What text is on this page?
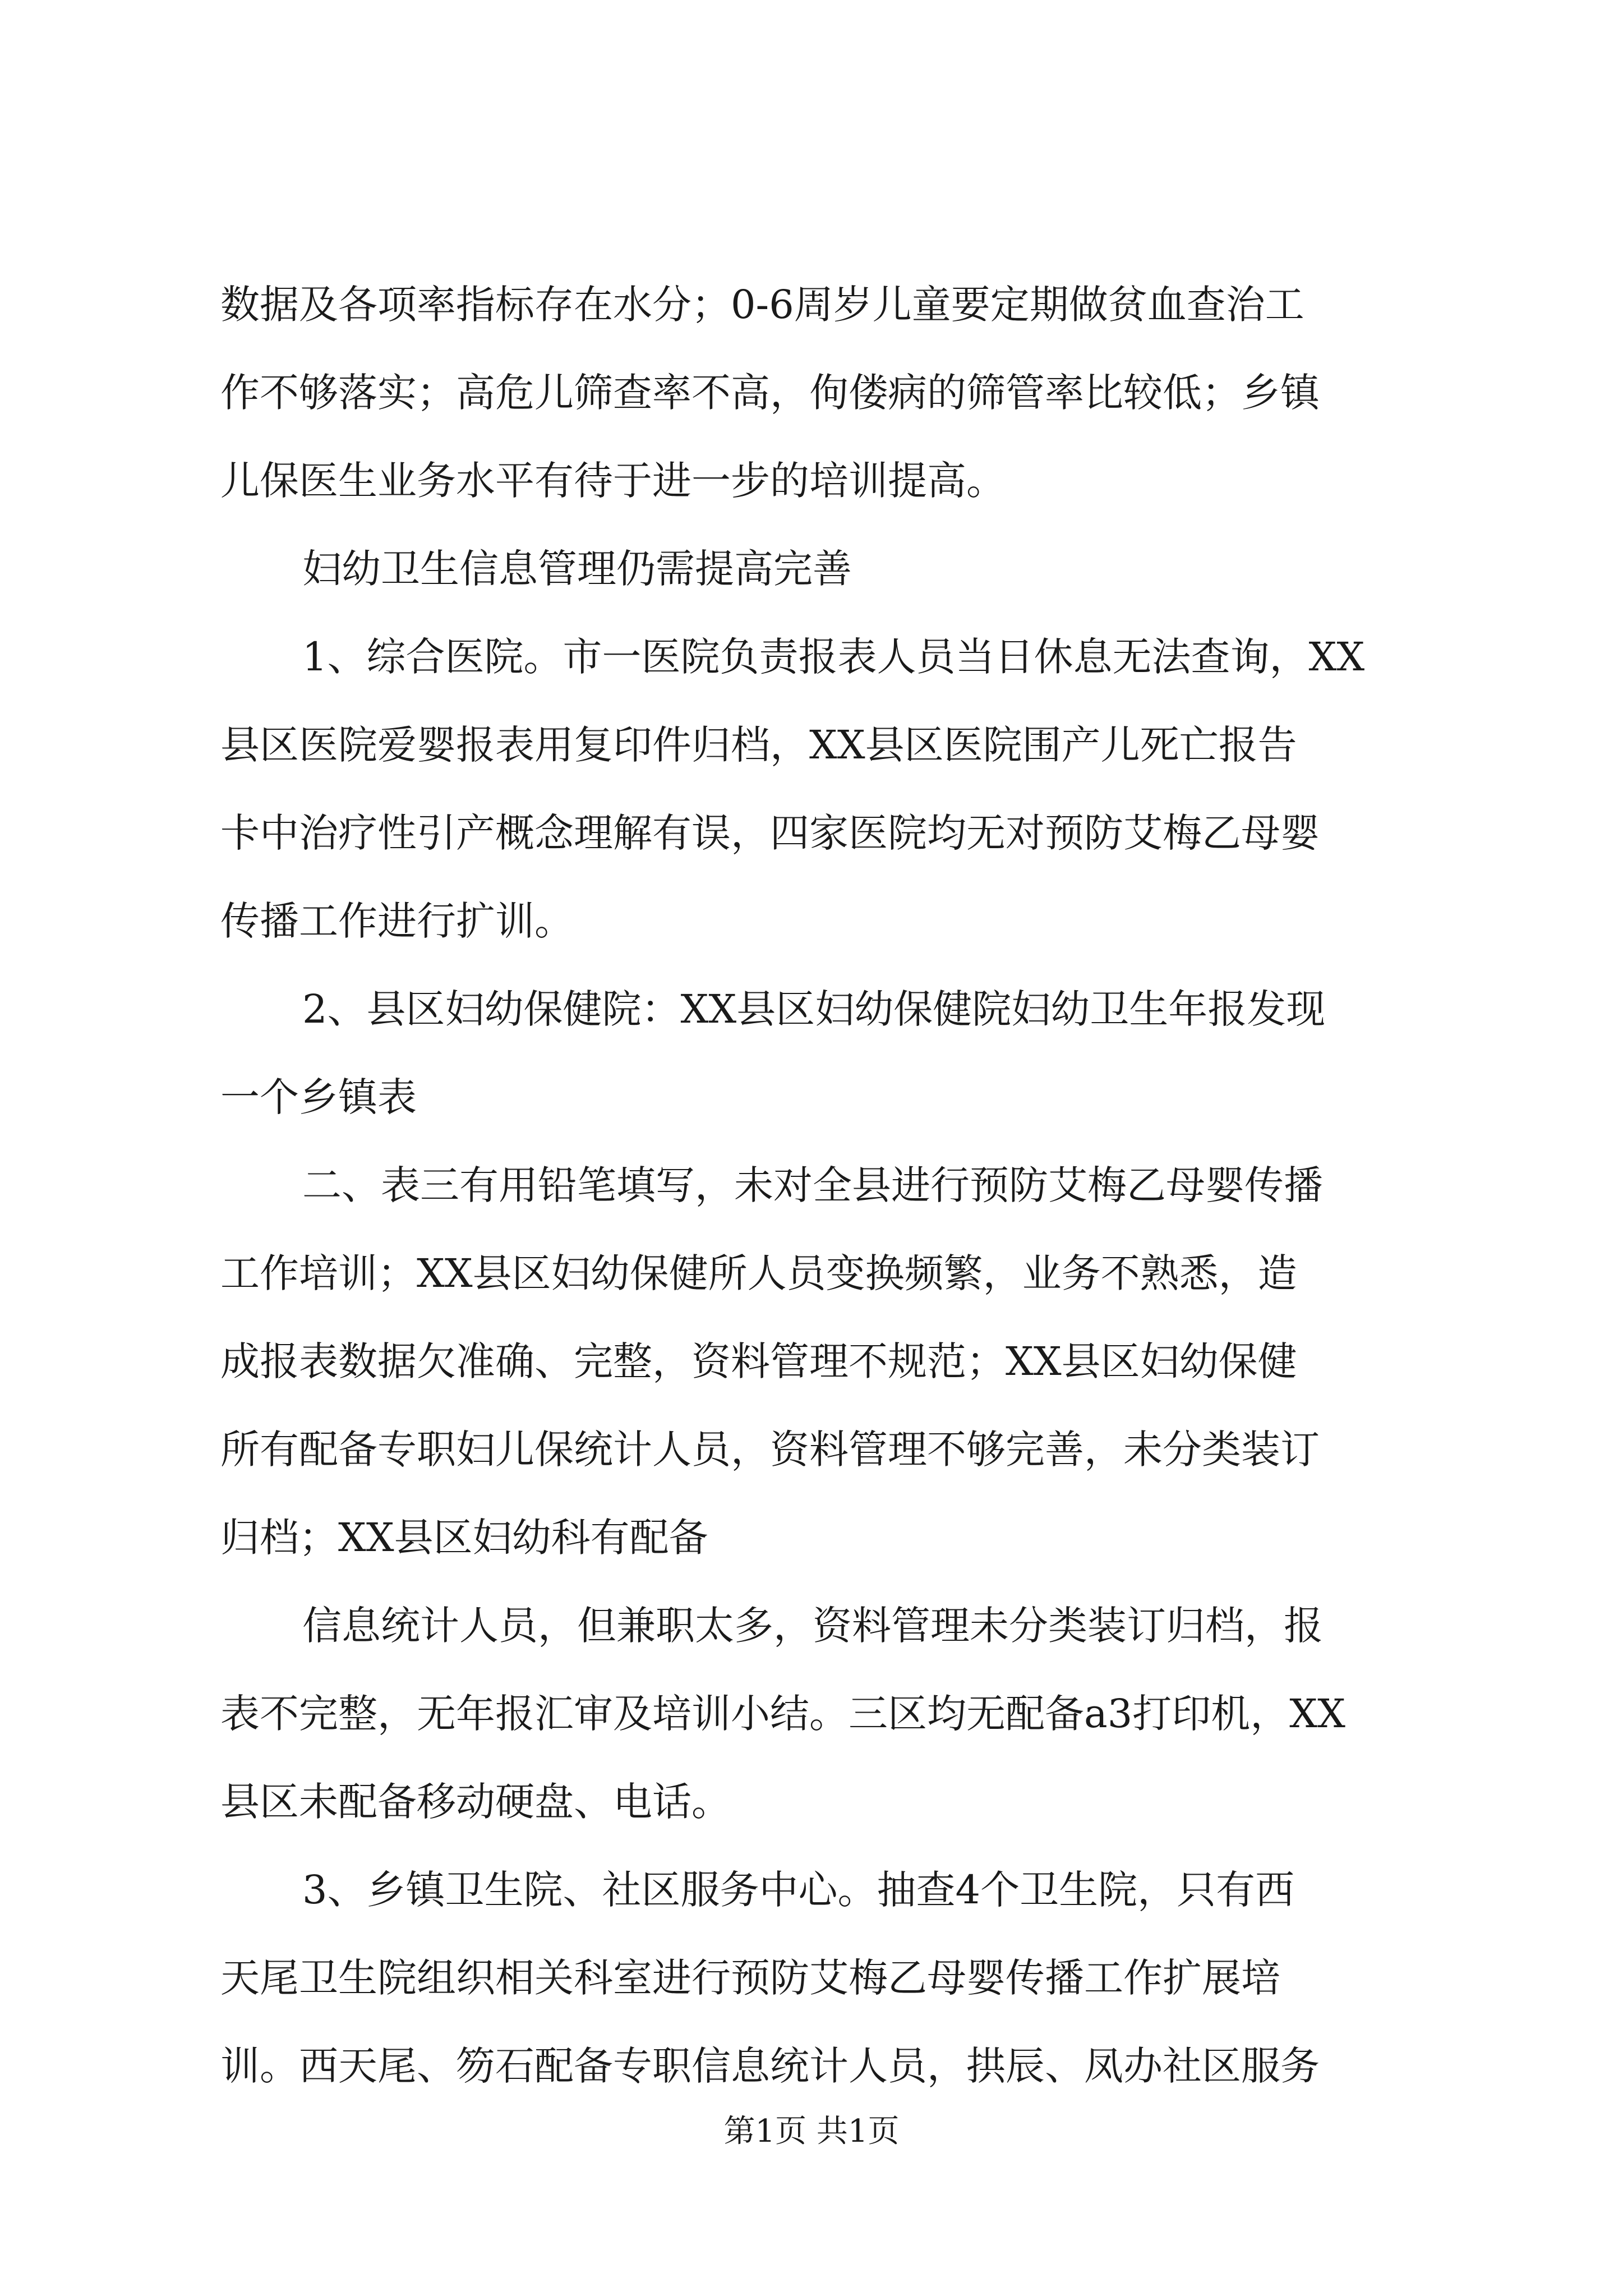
数据及各项率指标存在水分；0-6周岁儿童要定期做贫血查治工
作不够落实；高危儿筛查率不高，佝偻病的筛管率比较低；乡镇
儿保医生业务水平有待于进一步的培训提高。
妇幼卫生信息管理仍需提高完善
1、综合医院。市一医院负责报表人员当日休息无法查询，XX
县区医院爱婴报表用复印件归档，XX县区医院围产儿死亡报告
卡中治疗性引产概念理解有误，四家医院均无对预防艾梅乙母婴
传播工作进行扩训。
2、县区妇幼保健院：XX县区妇幼保健院妇幼卫生年报发现
一个乡镇表
二、表三有用铅笔填写，未对全县进行预防艾梅乙母婴传播
工作培训；XX县区妇幼保健所人员变换频繁，业务不熟悉，造
成报表数据欠准确、完整，资料管理不规范；XX县区妇幼保健
所有配备专职妇儿保统计人员，资料管理不够完善，未分类装订
归档；XX县区妇幼科有配备
信息统计人员，但兼职太多，资料管理未分类装订归档，报
表不完整，无年报汇审及培训小结。三区均无配备a3打印机，XX
县区未配备移动硬盘、电话。
3、乡镇卫生院、社区服务中心。抽查4个卫生院，只有西
天尾卫生院组织相关科室进行预防艾梅乙母婴传播工作扩展培
训。西天尾、笏石配备专职信息统计人员，拱辰、凤办社区服务
第1页 共1页
